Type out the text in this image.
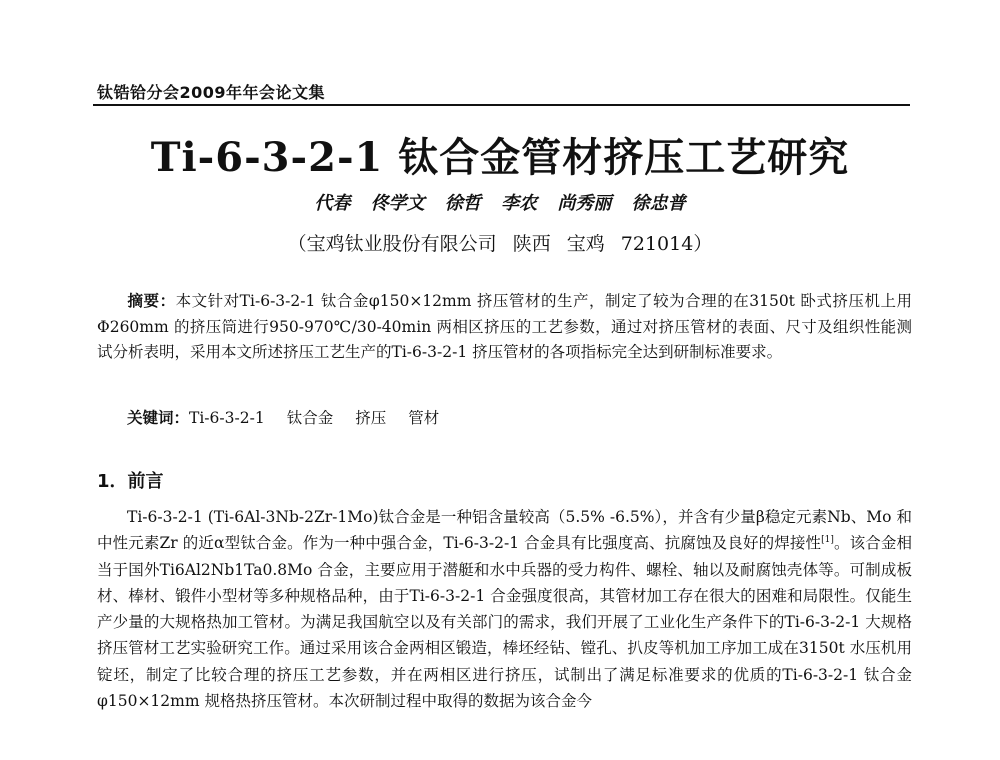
钛锆铪分会2009年年会论文集
Ti-6-3-2-1 钛合金管材挤压工艺研究
代春 佟学文 徐哲 李农 尚秀丽 徐忠普
（宝鸡钛业股份有限公司 陕西 宝鸡 721014）
摘要：本文针对Ti-6-3-2-1 钛合金φ150×12mm 挤压管材的生产，制定了较为合理的在3150t 卧式挤压机上用Φ260mm 的挤压筒进行950-970℃/30-40min 两相区挤压的工艺参数，通过对挤压管材的表面、尺寸及组织性能测试分析表明，采用本文所述挤压工艺生产的Ti-6-3-2-1 挤压管材的各项指标完全达到研制标准要求。
关键词：Ti-6-3-2-1 钛合金 挤压 管材
1．前言
Ti-6-3-2-1 (Ti-6Al-3Nb-2Zr-1Mo)钛合金是一种铝含量较高（5.5% -6.5%），并含有少量β稳定元素Nb、Mo 和中性元素Zr 的近α型钛合金。作为一种中强合金，Ti-6-3-2-1 合金具有比强度高、抗腐蚀及良好的焊接性[1]。该合金相当于国外Ti6Al2Nb1Ta0.8Mo 合金，主要应用于潜艇和水中兵器的受力构件、螺栓、轴以及耐腐蚀壳体等。可制成板材、棒材、锻件小型材等多种规格品种，由于Ti-6-3-2-1 合金强度很高，其管材加工存在很大的困难和局限性。仅能生产少量的大规格热加工管材。为满足我国航空以及有关部门的需求，我们开展了工业化生产条件下的Ti-6-3-2-1 大规格挤压管材工艺实验研究工作。通过采用该合金两相区锻造，棒坯经钻、镗孔、扒皮等机加工序加工成在3150t 水压机用锭坯，制定了比较合理的挤压工艺参数，并在两相区进行挤压，试制出了满足标准要求的优质的Ti-6-3-2-1 钛合金φ150×12mm 规格热挤压管材。本次研制过程中取得的数据为该合金今
